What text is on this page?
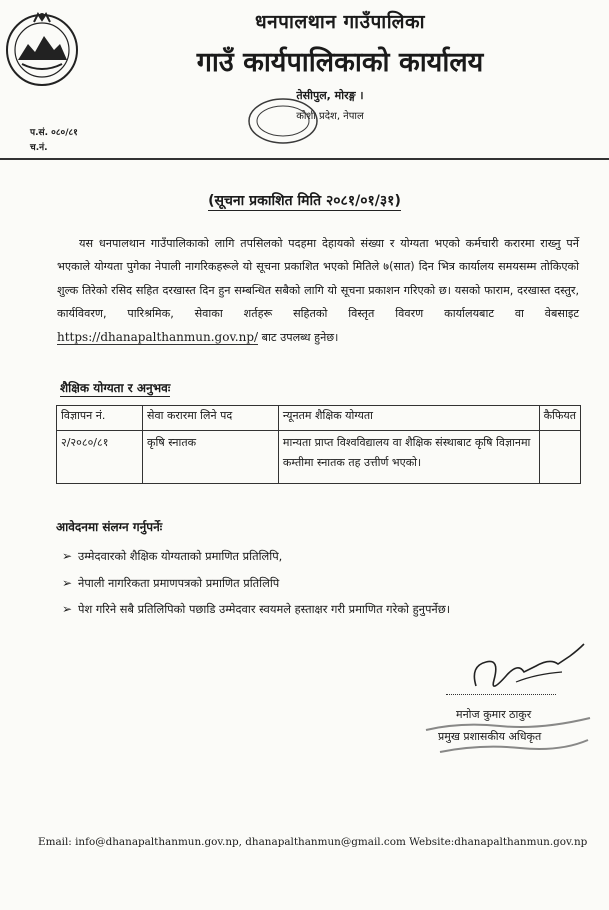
धनपालथान गाउँपालिका
गाउँ कार्यपालिकाको कार्यालय
तेसीपुल, मोरङ्ग ।
कोशी प्रदेश, नेपाल
प.सं. ०८०/८१
च.नं.
(सूचना प्रकाशित मिति २०८१/०१/३१)
यस धनपालथान गाउँपालिकाको लागि तपसिलको पदहमा देहायको संख्या र योग्यता भएको कर्मचारी करारमा राख्नु पर्ने भएकाले योग्यता पुगेका नेपाली नागरिकहरूले यो सूचना प्रकाशित भएको मितिले ७(सात) दिन भित्र कार्यालय समयसम्म तोकिएको शुल्क तिरेको रसिद सहित दरखास्त दिन हुन सम्बन्धित सबैको लागि यो सूचना प्रकाशन गरिएको छ। यसको फाराम, दरखास्त दस्तुर, कार्यविवरण, पारिश्रमिक, सेवाका शर्तहरू सहितको विस्तृत विवरण कार्यालयबाट वा वेबसाइट https://dhanapalthanmun.gov.np/ बाट उपलब्ध हुनेछ।
शैक्षिक योग्यता र अनुभवः
विज्ञापन नं.	सेवा करारमा लिने पद	न्यूनतम शैक्षिक योग्यता	कैफियत
२/२०८०/८१	कृषि स्नातक	मान्यता प्राप्त विश्वविद्यालय वा शैक्षिक संस्थाबाट कृषि विज्ञानमा कम्तीमा स्नातक तह उत्तीर्ण भएको।	
आवेदनमा संलग्न गर्नुपर्नेः
➢ उम्मेदवारको शैक्षिक योग्यताको प्रमाणित प्रतिलिपि,
➢ नेपाली नागरिकता प्रमाणपत्रको प्रमाणित प्रतिलिपि
➢ पेश गरिने सबै प्रतिलिपिको पछाडि उम्मेदवार स्वयमले हस्ताक्षर गरी प्रमाणित गरेको हुनुपर्नेछ।
मनोज कुमार ठाकुर
प्रमुख प्रशासकीय अधिकृत
Email: info@dhanapalthanmun.gov.np, dhanapalthanmun@gmail.com Website:dhanapalthanmun.gov.np
